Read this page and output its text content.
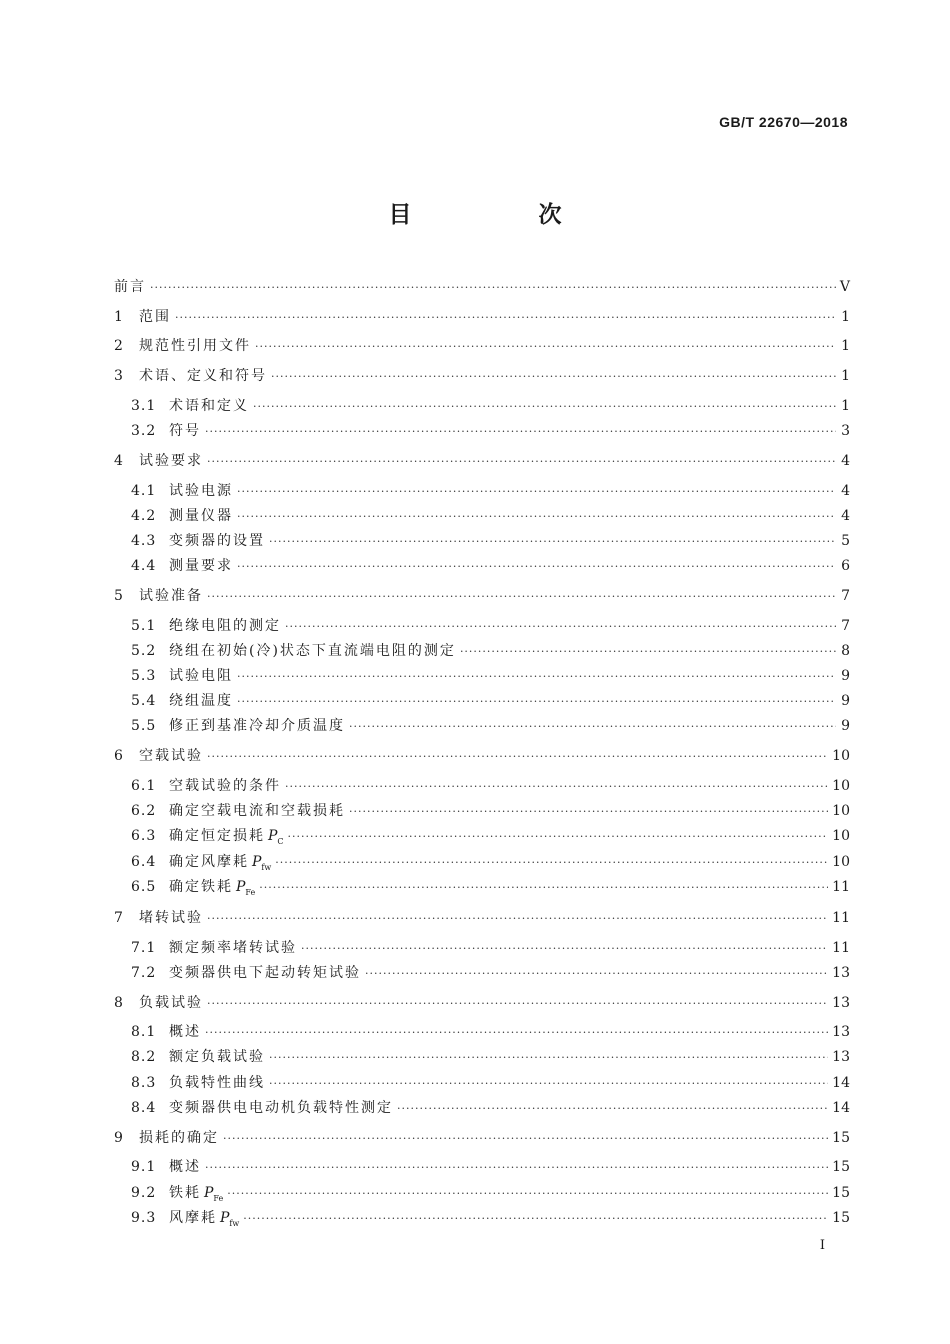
GB/T 22670—2018
目　次
前言 ·····	Ⅴ
1	范围 ·····	1
2	规范性引用文件 ·····	1
3	术语、定义和符号 ·····	1
3.1 术语和定义 ·····	1
3.2 符号 ·····	3
4	试验要求 ·····	4
4.1 试验电源 ·····	4
4.2 测量仪器 ·····	4
4.3 变频器的设置 ·····	5
4.4 测量要求 ·····	6
5	试验准备 ·····	7
5.1 绝缘电阻的测定 ·····	7
5.2 绕组在初始(冷)状态下直流端电阻的测定 ·····	8
5.3 试验电阻 ·····	9
5.4 绕组温度 ·····	9
5.5 修正到基准冷却介质温度 ·····	9
6	空载试验 ·····	10
6.1 空载试验的条件 ·····	10
6.2 确定空载电流和空载损耗 ·····	10
6.3 确定恒定损耗 $P_C$ ·····	10
6.4 确定风摩耗 $P_{fw}$ ·····	10
6.5 确定铁耗 $P_{Fe}$ ·····	11
7	堵转试验 ·····	11
7.1 额定频率堵转试验 ·····	11
7.2 变频器供电下起动转矩试验 ·····	13
8	负载试验 ·····	13
8.1 概述 ·····	13
8.2 额定负载试验 ·····	13
8.3 负载特性曲线 ·····	14
8.4 变频器供电电动机负载特性测定 ·····	14
9	损耗的确定 ·····	15
9.1 概述 ·····	15
9.2 铁耗 $P_{Fe}$ ·····	15
9.3 风摩耗 $P_{fw}$ ·····	15
Ⅰ
